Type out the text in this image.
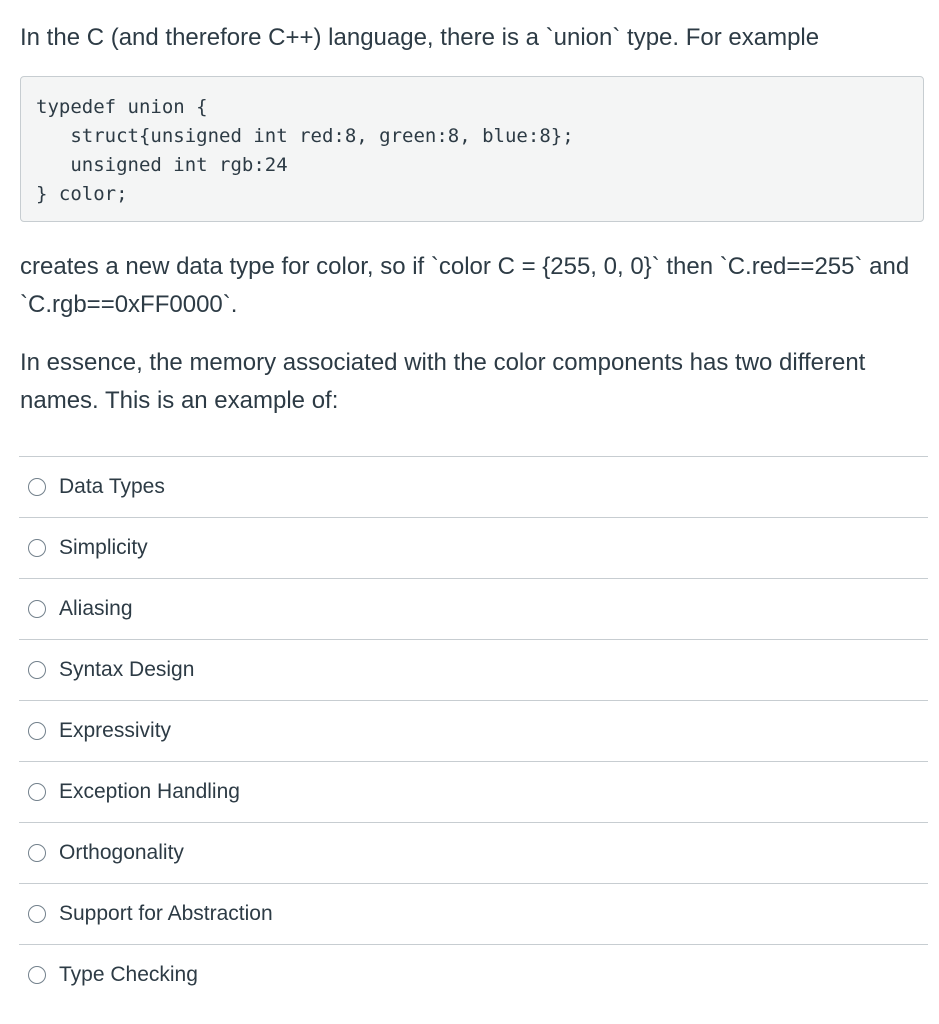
In the C (and therefore C++) language, there is a `union` type. For example

typedef union {
struct{unsigned int red:8, green:8, blue:8};
unsigned int rgb:24
} color;

creates a new data type for color, so if `color C = {255, 0, 0}` then `C.red==255` and `C.rgb==0xFF0000`.

In essence, the memory associated with the color components has two different names. This is an example of:

Data Types
Simplicity
Aliasing
Syntax Design
Expressivity
Exception Handling
Orthogonality
Support for Abstraction
Type Checking
